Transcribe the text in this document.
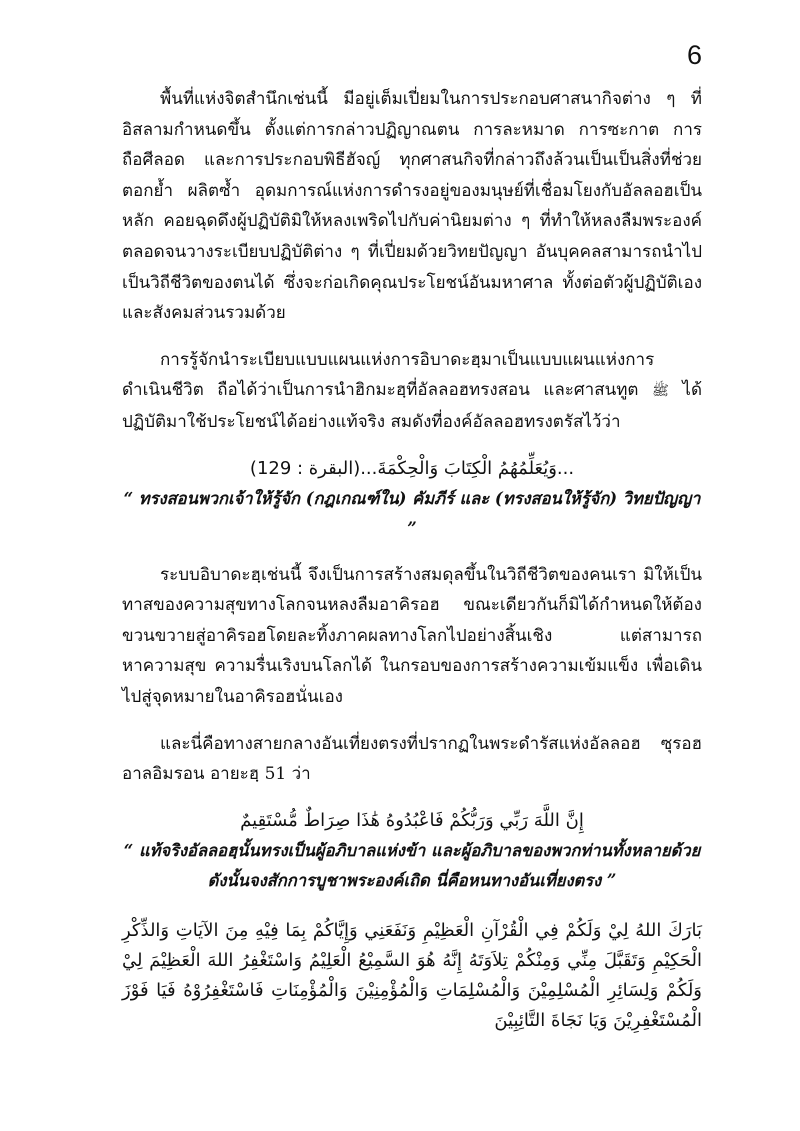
6

พื้นที่แห่งจิตสำนึกเช่นนี้ มีอยู่เต็มเปี่ยมในการประกอบศาสนากิจต่าง ๆ ที่อิสลามกำหนดขึ้น ตั้งแต่การกล่าวปฏิญาณตน การละหมาด การซะกาต การถือศีลอด และการประกอบพิธีฮัจญ์ ทุกศาสนกิจที่กล่าวถึงล้วนเป็นเป็นสิ่งที่ช่วยตอกย้ำ ผลิตซ้ำ อุดมการณ์แห่งการดำรงอยู่ของมนุษย์ที่เชื่อมโยงกับอัลลอฮเป็นหลัก คอยฉุดดึงผู้ปฏิบัติมิให้หลงเพริดไปกับค่านิยมต่าง ๆ ที่ทำให้หลงลืมพระองค์ ตลอดจนวางระเบียบปฏิบัติต่าง ๆ ที่เปี่ยมด้วยวิทยปัญญา อันบุคคลสามารถนำไปเป็นวิถีชีวิตของตนได้ ซึ่งจะก่อเกิดคุณประโยชน์อันมหาศาล ทั้งต่อตัวผู้ปฏิบัติเองและสังคมส่วนรวมด้วย

การรู้จักนำระเบียบแบบแผนแห่งการอิบาดะฮฺมาเป็นแบบแผนแห่งการดำเนินชีวิต ถือได้ว่าเป็นการนำฮิกมะฮฺที่อัลลอฮทรงสอน และศาสนทูต ﷺ ได้ปฏิบัติมาใช้ประโยชน์ได้อย่างแท้จริง สมดังที่องค์อัลลอฮทรงตรัสไว้ว่า

...وَيُعَلِّمُهُمُ الْكِتَابَ وَالْحِكْمَةَ...(البقرة : 129)

“ ทรงสอนพวกเจ้าให้รู้จัก (กฎเกณฑ์ใน) คัมภีร์ และ (ทรงสอนให้รู้จัก) วิทยปัญญา ”

ระบบอิบาดะฮฺเช่นนี้ จึงเป็นการสร้างสมดุลขึ้นในวิถีชีวิตของคนเรา มิให้เป็นทาสของความสุขทางโลกจนหลงลืมอาคิรอฮ ขณะเดียวกันก็มิได้กำหนดให้ต้องขวนขวายสู่อาคิรอฮโดยละทิ้งภาคผลทางโลกไปอย่างสิ้นเชิง แต่สามารถหาความสุข ความรื่นเริงบนโลกได้ ในกรอบของการสร้างความเข้มแข็ง เพื่อเดินไปสู่จุดหมายในอาคิรอฮนั่นเอง

และนี่คือทางสายกลางอันเที่ยงตรงที่ปรากฏในพระดำรัสแห่งอัลลอฮ ซุรอฮอาลอิมรอน อายะฮฺ 51 ว่า

إِنَّ اللَّهَ رَبِّي وَرَبُّكُمْ فَاعْبُدُوهُ هَٰذَا صِرَاطٌ مُّسْتَقِيمٌ

“ แท้จริงอัลลอฮฺนั้นทรงเป็นผู้อภิบาลแห่งข้า และผู้อภิบาลของพวกท่านทั้งหลายด้วย

ดังนั้นจงสักการบูชาพระองค์เถิด นี่คือหนทางอันเที่ยงตรง ”

بَارَكَ اللهُ لِيْ وَلَكُمْ فِي الْقُرْآنِ الْعَظِيْمِ وَنَفَعَنِي وَإِيَّاكُمْ بِمَا فِيْهِ مِنَ الآيَاتِ وَالذِّكْرِ الْحَكِيْمِ وَتَقَبَّلَ مِنِّي وَمِنْكُمْ تِلاَوَتَهُ إِنَّهُ هُوَ السَّمِيْعُ الْعَلِيْمُ وَاسْتَغْفِرُ اللهَ الْعَظِيْمَ لِيْ وَلَكُمْ وَلِسَائِرِ الْمُسْلِمِيْنَ وَالْمُسْلِمَاتِ وَالْمُؤْمِنِيْنَ وَالْمُؤْمِنَاتِ فَاسْتَغْفِرُوْهُ فَيَا فَوْزَ الْمُسْتَغْفِرِيْنَ وَيَا نَجَاةَ التَّائِبِيْنَ
